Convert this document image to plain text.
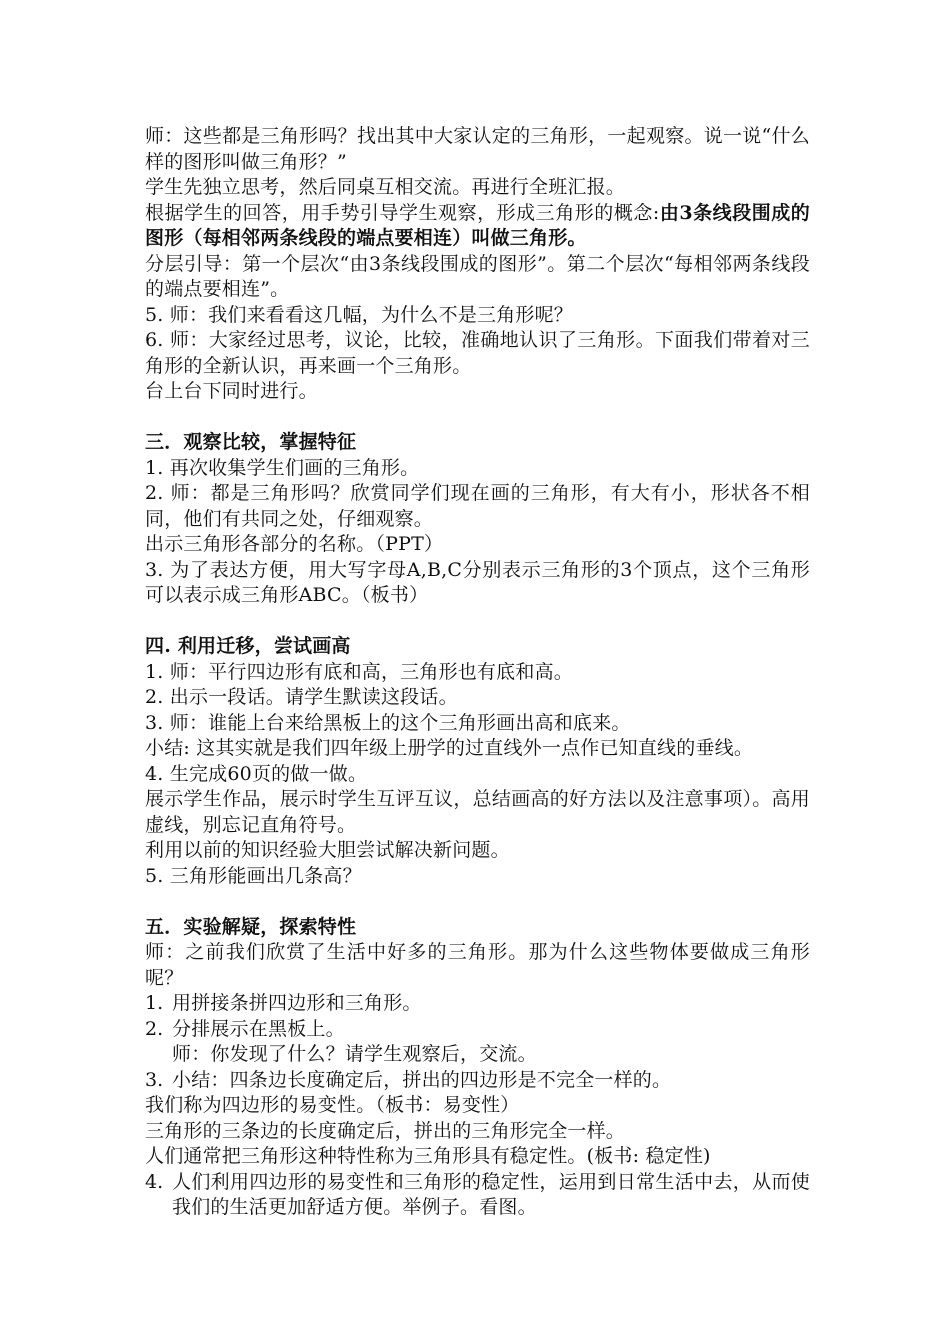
师：这些都是三角形吗？找出其中大家认定的三角形，一起观察。说一说“什么样的图形叫做三角形？”

学生先独立思考，然后同桌互相交流。再进行全班汇报。

根据学生的回答，用手势引导学生观察，形成三角形的概念:由3条线段围成的图形（每相邻两条线段的端点要相连）叫做三角形。

分层引导：第一个层次“由3条线段围成的图形”。第二个层次“每相邻两条线段的端点要相连”。

5. 师：我们来看看这几幅，为什么不是三角形呢？

6. 师：大家经过思考，议论，比较，准确地认识了三角形。下面我们带着对三角形的全新认识，再来画一个三角形。

台上台下同时进行。

三．观察比较，掌握特征

1. 再次收集学生们画的三角形。

2. 师：都是三角形吗？欣赏同学们现在画的三角形，有大有小，形状各不相同，他们有共同之处，仔细观察。

出示三角形各部分的名称。（PPT）

3. 为了表达方便，用大写字母A,B,C分别表示三角形的3个顶点，这个三角形可以表示成三角形ABC。（板书）

四. 利用迁移，尝试画高

1. 师：平行四边形有底和高，三角形也有底和高。

2. 出示一段话。请学生默读这段话。

3. 师：谁能上台来给黑板上的这个三角形画出高和底来。

小结: 这其实就是我们四年级上册学的过直线外一点作已知直线的垂线。

4. 生完成60页的做一做。

展示学生作品，展示时学生互评互议，总结画高的好方法以及注意事项）。高用虚线，别忘记直角符号。

利用以前的知识经验大胆尝试解决新问题。

5. 三角形能画出几条高？

五．实验解疑，探索特性

师：之前我们欣赏了生活中好多的三角形。那为什么这些物体要做成三角形呢？

1. 用拼接条拼四边形和三角形。
2. 分排展示在黑板上。

师：你发现了什么？请学生观察后，交流。

3. 小结：四条边长度确定后，拼出的四边形是不完全一样的。

我们称为四边形的易变性。（板书：易变性）

三角形的三条边的长度确定后，拼出的三角形完全一样。

人们通常把三角形这种特性称为三角形具有稳定性。(板书: 稳定性)

4. 人们利用四边形的易变性和三角形的稳定性，运用到日常生活中去，从而使我们的生活更加舒适方便。举例子。看图。
